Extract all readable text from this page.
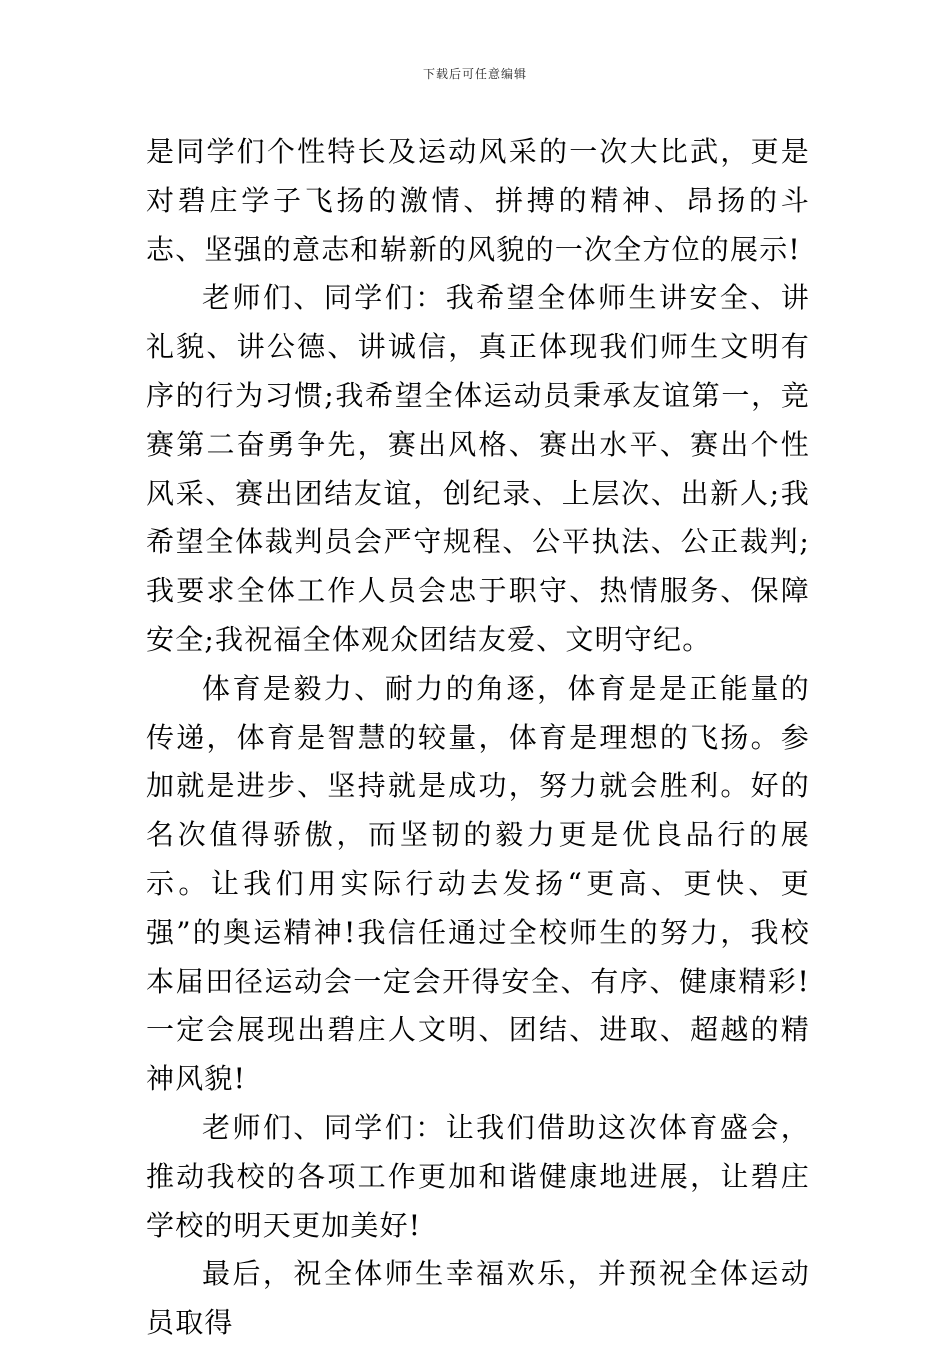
下载后可任意编辑

是同学们个性特长及运动风采的一次大比武，更是对碧庄学子飞扬的激情、拼搏的精神、昂扬的斗志、坚强的意志和崭新的风貌的一次全方位的展示!

老师们、同学们：我希望全体师生讲安全、讲礼貌、讲公德、讲诚信，真正体现我们师生文明有序的行为习惯;我希望全体运动员秉承友谊第一，竞赛第二奋勇争先，赛出风格、赛出水平、赛出个性风采、赛出团结友谊，创纪录、上层次、出新人;我希望全体裁判员会严守规程、公平执法、公正裁判;我要求全体工作人员会忠于职守、热情服务、保障安全;我祝福全体观众团结友爱、文明守纪。

体育是毅力、耐力的角逐，体育是是正能量的传递，体育是智慧的较量，体育是理想的飞扬。参加就是进步、坚持就是成功，努力就会胜利。好的名次值得骄傲，而坚韧的毅力更是优良品行的展示。让我们用实际行动去发扬“更高、更快、更强”的奥运精神!我信任通过全校师生的努力，我校本届田径运动会一定会开得安全、有序、健康精彩!一定会展现出碧庄人文明、团结、进取、超越的精神风貌!

老师们、同学们：让我们借助这次体育盛会，推动我校的各项工作更加和谐健康地进展，让碧庄学校的明天更加美好!

最后，祝全体师生幸福欢乐，并预祝全体运动员取得
